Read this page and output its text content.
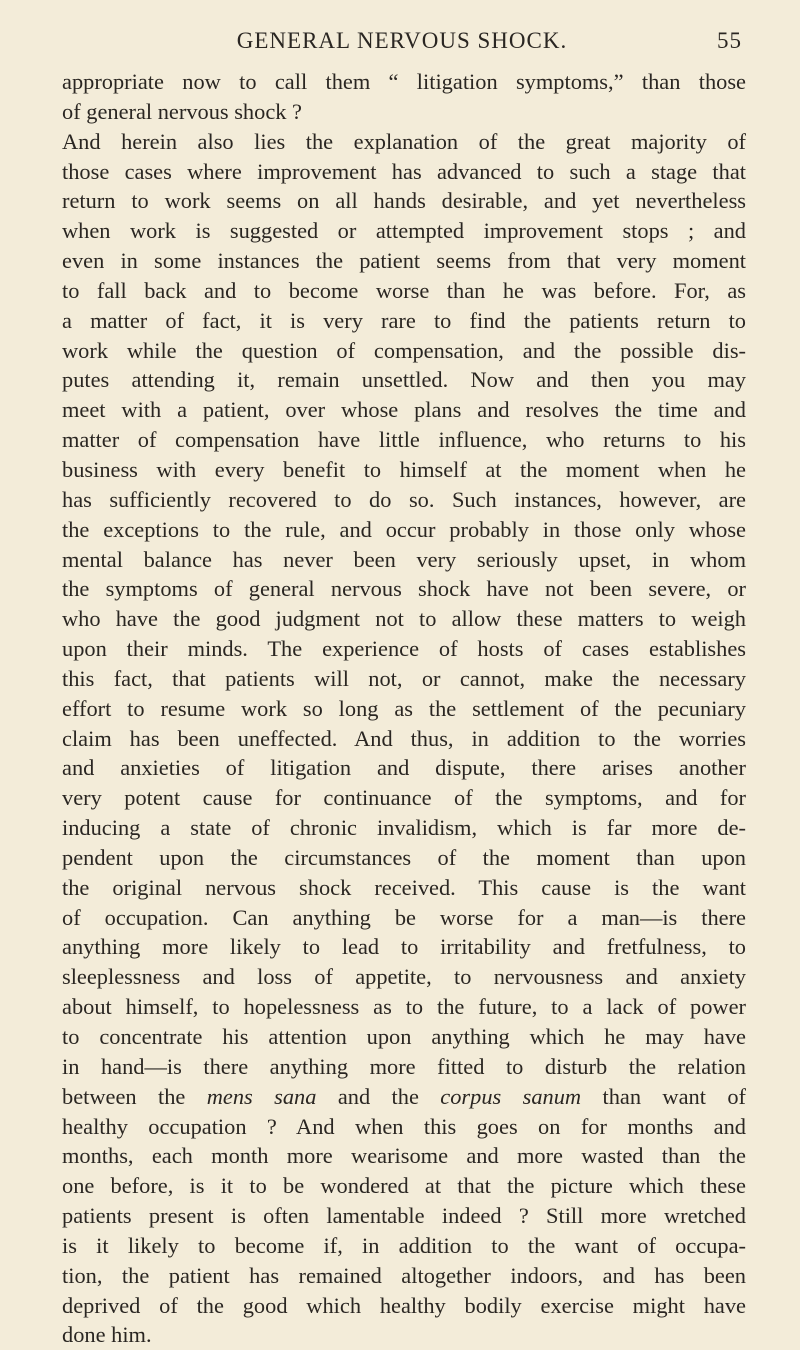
GENERAL NERVOUS SHOCK.	55
appropriate now to call them “ litigation symptoms,” than those
of general nervous shock ?
And herein also lies the explanation of the great majority of
those cases where improvement has advanced to such a stage that
return to work seems on all hands desirable, and yet nevertheless
when work is suggested or attempted improvement stops ; and
even in some instances the patient seems from that very moment
to fall back and to become worse than he was before. For, as
a matter of fact, it is very rare to find the patients return to
work while the question of compensation, and the possible dis-
putes attending it, remain unsettled. Now and then you may
meet with a patient, over whose plans and resolves the time and
matter of compensation have little influence, who returns to his
business with every benefit to himself at the moment when he
has sufficiently recovered to do so. Such instances, however, are
the exceptions to the rule, and occur probably in those only whose
mental balance has never been very seriously upset, in whom
the symptoms of general nervous shock have not been severe, or
who have the good judgment not to allow these matters to weigh
upon their minds. The experience of hosts of cases establishes
this fact, that patients will not, or cannot, make the necessary
effort to resume work so long as the settlement of the pecuniary
claim has been uneffected. And thus, in addition to the worries
and anxieties of litigation and dispute, there arises another
very potent cause for continuance of the symptoms, and for
inducing a state of chronic invalidism, which is far more de-
pendent upon the circumstances of the moment than upon
the original nervous shock received. This cause is the want
of occupation. Can anything be worse for a man—is there
anything more likely to lead to irritability and fretfulness, to
sleeplessness and loss of appetite, to nervousness and anxiety
about himself, to hopelessness as to the future, to a lack of power
to concentrate his attention upon anything which he may have
in hand—is there anything more fitted to disturb the relation
between the mens sana and the corpus sanum than want of
healthy occupation ? And when this goes on for months and
months, each month more wearisome and more wasted than the
one before, is it to be wondered at that the picture which these
patients present is often lamentable indeed ? Still more wretched
is it likely to become if, in addition to the want of occupa-
tion, the patient has remained altogether indoors, and has been
deprived of the good which healthy bodily exercise might have
done him.
